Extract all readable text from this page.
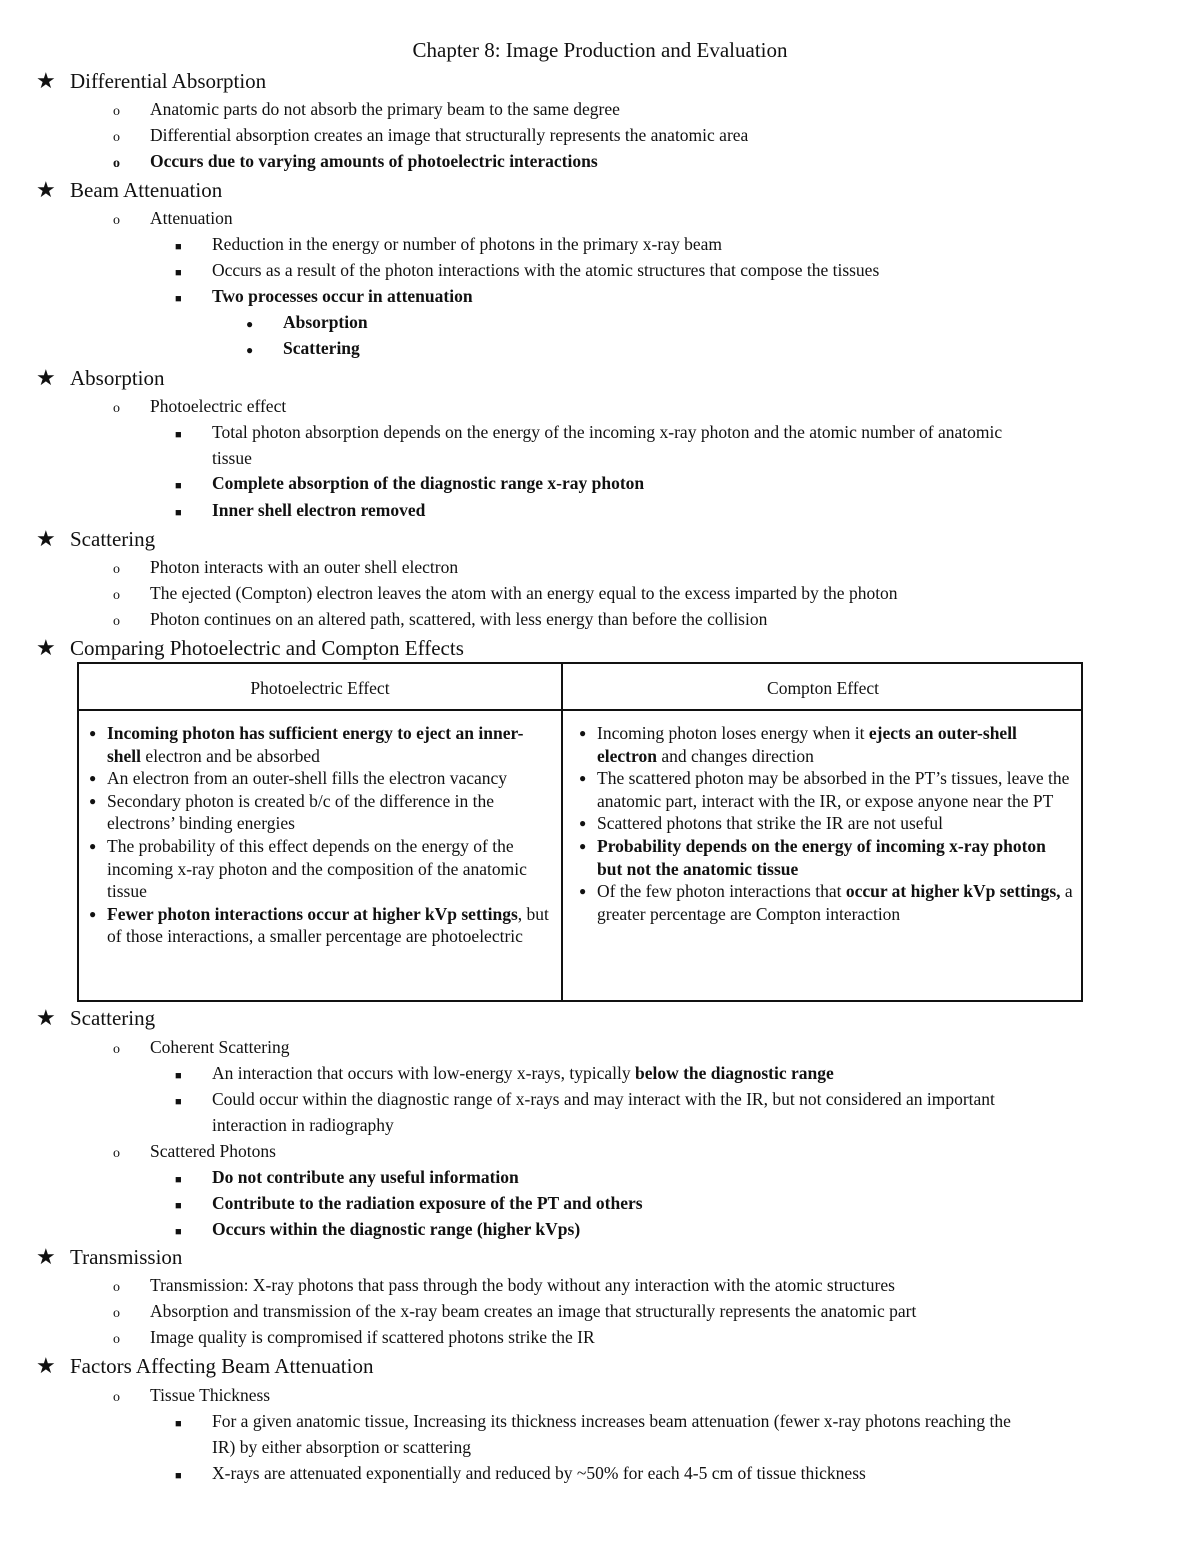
Chapter 8: Image Production and Evaluation
★ Differential Absorption
o Anatomic parts do not absorb the primary beam to the same degree
o Differential absorption creates an image that structurally represents the anatomic area
o Occurs due to varying amounts of photoelectric interactions
★ Beam Attenuation
o Attenuation
■ Reduction in the energy or number of photons in the primary x-ray beam
■ Occurs as a result of the photon interactions with the atomic structures that compose the tissues
■ Two processes occur in attenuation
● Absorption
● Scattering
★ Absorption
o Photoelectric effect
■ Total photon absorption depends on the energy of the incoming x-ray photon and the atomic number of anatomic
tissue
■ Complete absorption of the diagnostic range x-ray photon
■ Inner shell electron removed
★ Scattering
o Photon interacts with an outer shell electron
o The ejected (Compton) electron leaves the atom with an energy equal to the excess imparted by the photon
o Photon continues on an altered path, scattered, with less energy than before the collision
★ Comparing Photoelectric and Compton Effects
Photoelectric Effect	Compton Effect
● Incoming photon has sufficient energy to eject an inner-shell electron and be absorbed
● An electron from an outer-shell fills the electron vacancy
● Secondary photon is created b/c of the difference in the electrons’ binding energies
● The probability of this effect depends on the energy of the incoming x-ray photon and the composition of the anatomic tissue
● Fewer photon interactions occur at higher kVp settings, but of those interactions, a smaller percentage are photoelectric
● Incoming photon loses energy when it ejects an outer-shell electron and changes direction
● The scattered photon may be absorbed in the PT’s tissues, leave the anatomic part, interact with the IR, or expose anyone near the PT
● Scattered photons that strike the IR are not useful
● Probability depends on the energy of incoming x-ray photon but not the anatomic tissue
● Of the few photon interactions that occur at higher kVp settings, a greater percentage are Compton interaction
★ Scattering
o Coherent Scattering
■ An interaction that occurs with low-energy x-rays, typically below the diagnostic range
■ Could occur within the diagnostic range of x-rays and may interact with the IR, but not considered an important
interaction in radiography
o Scattered Photons
■ Do not contribute any useful information
■ Contribute to the radiation exposure of the PT and others
■ Occurs within the diagnostic range (higher kVps)
★ Transmission
o Transmission: X-ray photons that pass through the body without any interaction with the atomic structures
o Absorption and transmission of the x-ray beam creates an image that structurally represents the anatomic part
o Image quality is compromised if scattered photons strike the IR
★ Factors Affecting Beam Attenuation
o Tissue Thickness
■ For a given anatomic tissue, Increasing its thickness increases beam attenuation (fewer x-ray photons reaching the
IR) by either absorption or scattering
■ X-rays are attenuated exponentially and reduced by ~50% for each 4-5 cm of tissue thickness
